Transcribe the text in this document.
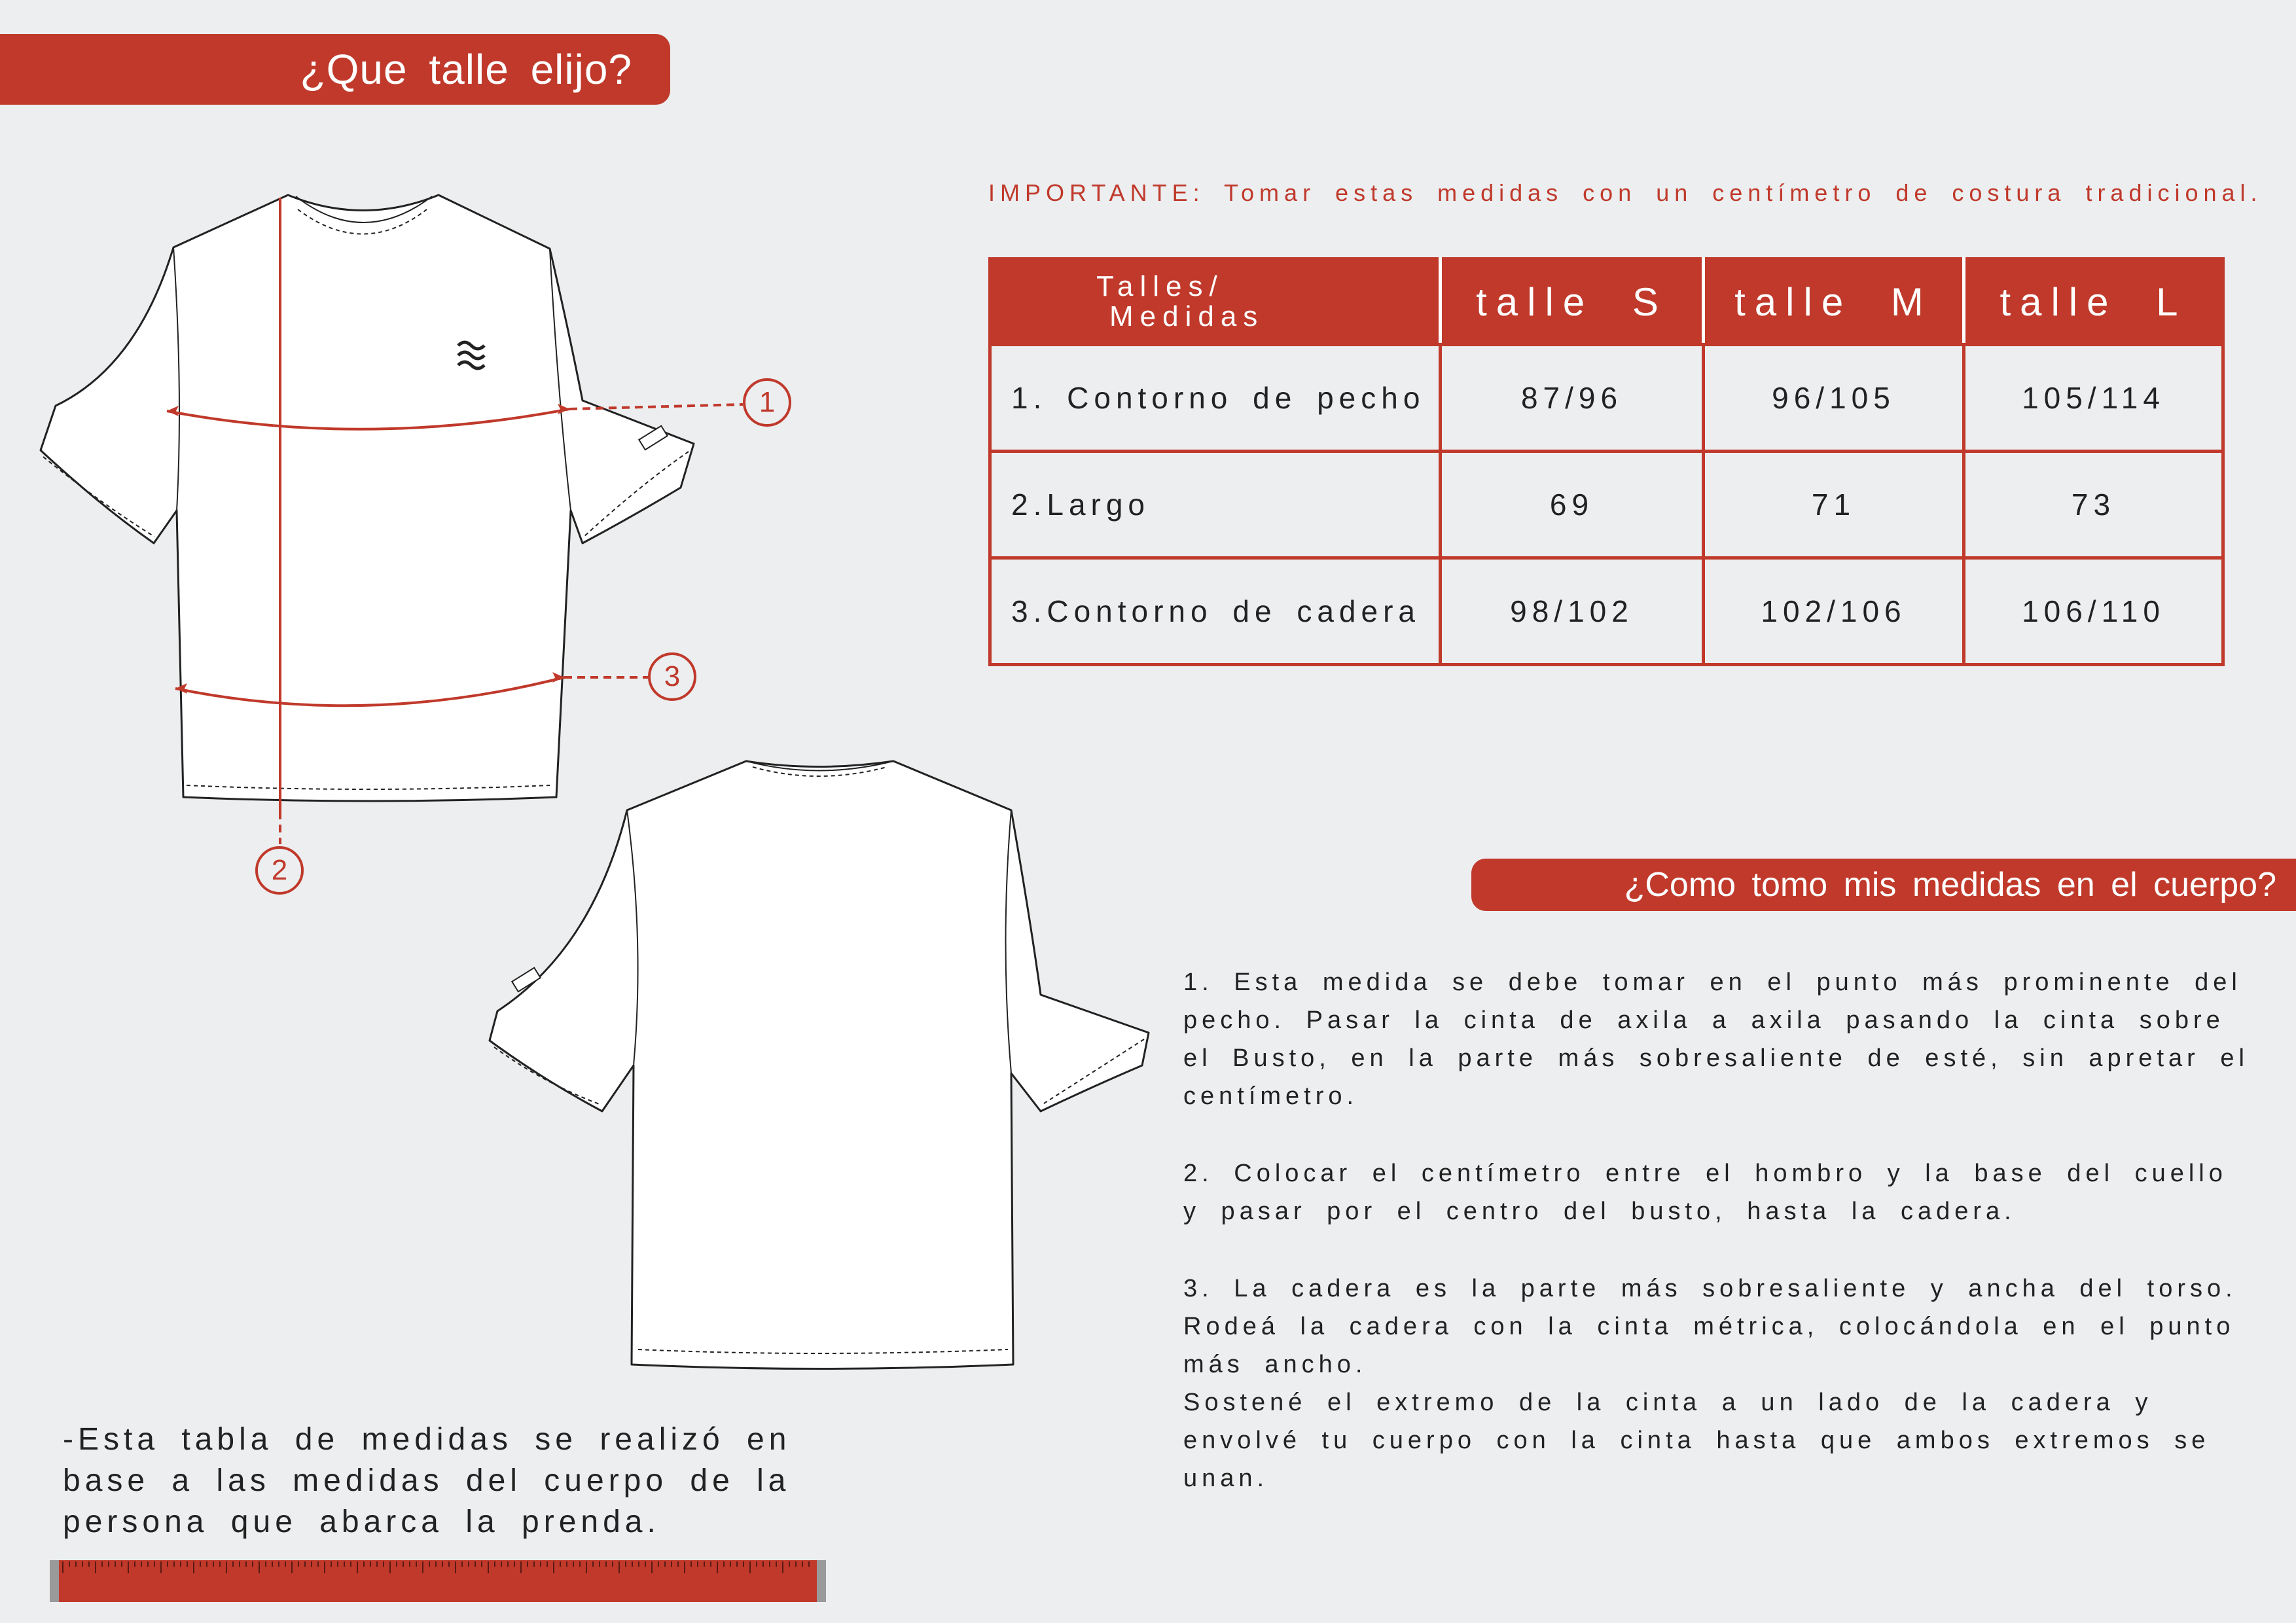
¿Que talle elijo?
1
2
3
IMPORTANTE: Tomar estas medidas con un centímetro de costura tradicional.
Talles/
Medidas	talle S	talle M	talle L
1. Contorno de pecho	87/96	96/105	105/114
2.Largo	69	71	73
3.Contorno de cadera	98/102	102/106	106/110
¿Como tomo mis medidas en el cuerpo?

1. Esta medida se debe tomar en el punto más prominente del pecho. Pasar la cinta de axila a axila pasando la cinta sobre el Busto, en la parte más sobresaliente de esté, sin apretar el centímetro.

2. Colocar el centímetro entre el hombro y la base del cuello y pasar por el centro del busto, hasta la cadera.

3. La cadera es la parte más sobresaliente y ancha del torso. Rodeá la cadera con la cinta métrica, colocándola en el punto más ancho.

Sostené el extremo de la cinta a un lado de la cadera y envolvé tu cuerpo con la cinta hasta que ambos extremos se unan.

-Esta tabla de medidas se realizó en base a las medidas del cuerpo de la persona que abarca la prenda.
